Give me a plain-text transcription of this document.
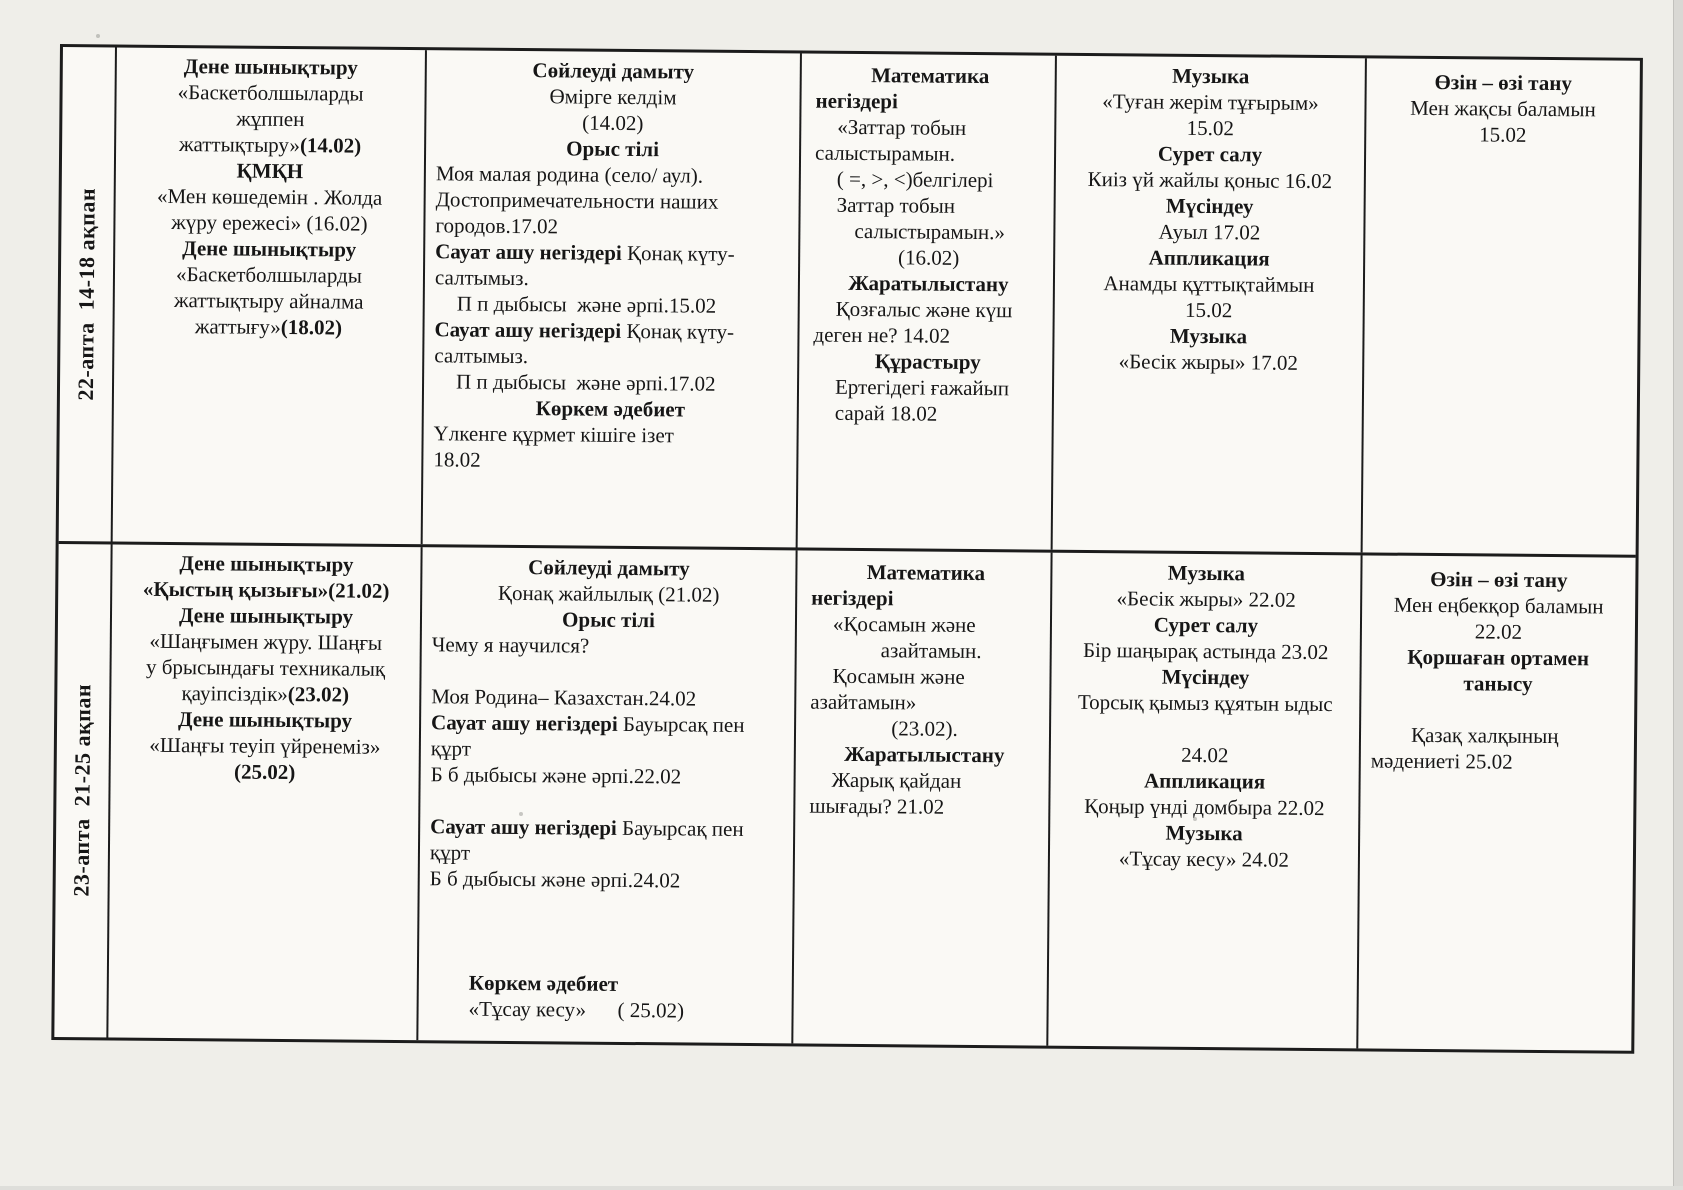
22-апта  14-18 ақпан
Дене шынықтыру
«Баскетболшыларды
жұппен
жаттықтыру»(14.02)
ҚМҚН
«Мен көшедемін . Жолда
жүру ережесі» (16.02)
Дене шынықтыру
«Баскетболшыларды
жаттықтыру айналма
жаттығу»(18.02)
Сөйлеуді дамыту
Өмірге келдім
(14.02)
Орыс тілі
Моя малая родина (село/ аул).
Достопримечательности наших
городов.17.02
Сауат ашу негіздері Қонақ күту-
салтымыз.
П п дыбысы  және әрпі.15.02
Сауат ашу негіздері Қонақ күту-
салтымыз.
П п дыбысы  және әрпі.17.02
Көркем әдебиет
Үлкенге құрмет кішіге ізет
18.02
Математика
негіздері
«Заттар тобын
салыстырамын.
( =, >, <)белгілері
Заттар тобын
салыстырамын.»
(16.02)
Жаратылыстану
Қозғалыс және күш
деген не? 14.02
Құрастыру
Ертегідегі ғажайып
сарай 18.02
Музыка
«Туған жерім тұғырым»
15.02
Сурет салу
Киіз үй жайлы қоныс 16.02
Мүсіндеу
Ауыл 17.02
Аппликация
Анамды құттықтаймын
15.02
Музыка
«Бесік жыры» 17.02
Өзін – өзі тану
Мен жақсы баламын
15.02
23-апта  21-25 ақпан
Дене шынықтыру
«Қыстың қызығы»(21.02)
Дене шынықтыру
«Шаңғымен жүру. Шаңғы
у брысындағы техникалық
қауіпсіздік»(23.02)
Дене шынықтыру
«Шаңғы теуіп үйренеміз»
(25.02)
Сөйлеуді дамыту
Қонақ жайлылық (21.02)
Орыс тілі
Чему я научился?

Моя Родина– Казахстан.24.02
Сауат ашу негіздері Бауырсақ пен
құрт
Б б дыбысы және әрпі.22.02

Сауат ашу негіздері Бауырсақ пен
құрт
Б б дыбысы және әрпі.24.02

Көркем әдебиет
«Тұсау кесу»      ( 25.02)
Математика
негіздері
«Қосамын және
азайтамын.
Қосамын және
азайтамын»
(23.02).
Жаратылыстану
Жарық қайдан
шығады? 21.02
Музыка
«Бесік жыры» 22.02
Сурет салу
Бір шаңырақ астында 23.02
Мүсіндеу
Торсық қымыз құятын ыдыс

24.02
Аппликация
Қоңыр үнді домбыра 22.02
Музыка
«Тұсау кесу» 24.02
Өзін – өзі тану
Мен еңбекқор баламын
22.02
Қоршаған ортамен
танысу

Қазақ халқының
мәдениеті 25.02
